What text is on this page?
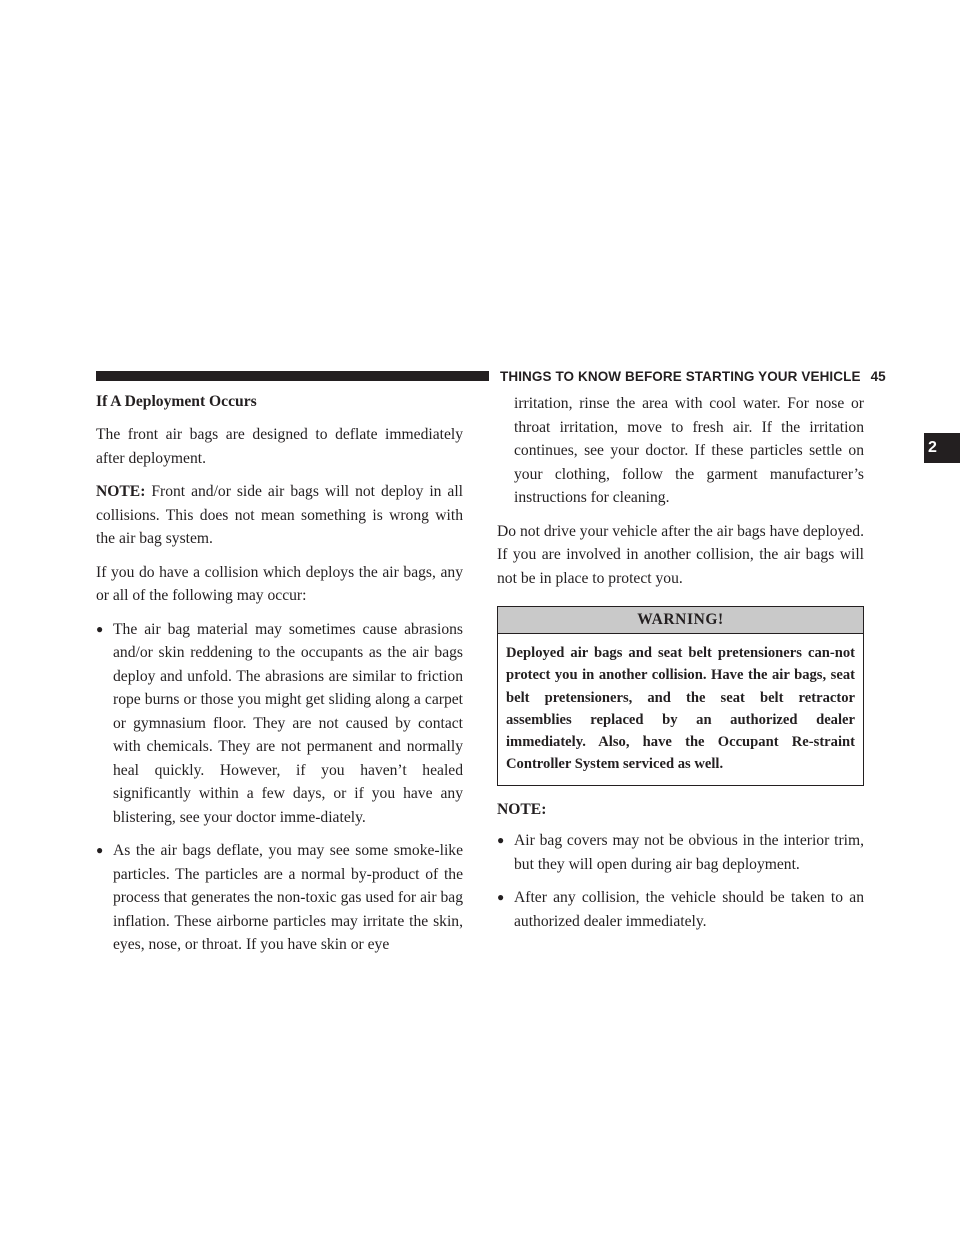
THINGS TO KNOW BEFORE STARTING YOUR VEHICLE 45
2
If A Deployment Occurs

The front air bags are designed to deflate immediately after deployment.

NOTE: Front and/or side air bags will not deploy in all collisions. This does not mean something is wrong with the air bag system.

If you do have a collision which deploys the air bags, any or all of the following may occur:

● The air bag material may sometimes cause abrasions and/or skin reddening to the occupants as the air bags deploy and unfold. The abrasions are similar to friction rope burns or those you might get sliding along a carpet or gymnasium floor. They are not caused by contact with chemicals. They are not permanent and normally heal quickly. However, if you haven’t healed significantly within a few days, or if you have any blistering, see your doctor imme-diately.
● As the air bags deflate, you may see some smoke-like particles. The particles are a normal by-product of the process that generates the non-toxic gas used for air bag inflation. These airborne particles may irritate the skin, eyes, nose, or throat. If you have skin or eye

irritation, rinse the area with cool water. For nose or throat irritation, move to fresh air. If the irritation continues, see your doctor. If these particles settle on your clothing, follow the garment manufacturer’s instructions for cleaning.

Do not drive your vehicle after the air bags have deployed. If you are involved in another collision, the air bags will not be in place to protect you.

WARNING!
Deployed air bags and seat belt pretensioners can-not protect you in another collision. Have the air bags, seat belt pretensioners, and the seat belt retractor assemblies replaced by an authorized dealer immediately. Also, have the Occupant Re-straint Controller System serviced as well.

NOTE:

● Air bag covers may not be obvious in the interior trim, but they will open during air bag deployment.
● After any collision, the vehicle should be taken to an authorized dealer immediately.
